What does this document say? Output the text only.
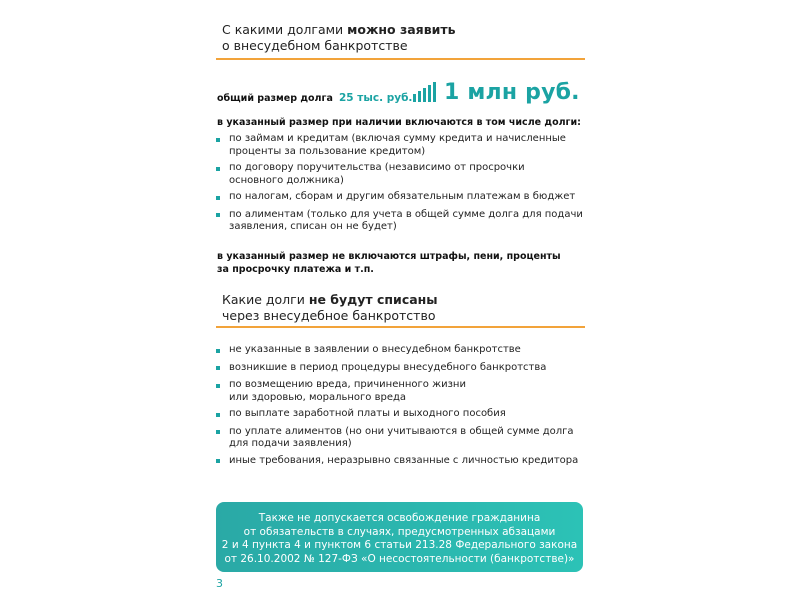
С какими долгами можно заявить
о внесудебном банкротстве
общий размер долга 25 тыс. руб. 1 млн руб.
в указанный размер при наличии включаются в том числе долги:
по займам и кредитам (включая сумму кредита и начисленные
проценты за пользование кредитом)
по договору поручительства (независимо от просрочки
основного должника)
по налогам, сборам и другим обязательным платежам в бюджет
по алиментам (только для учета в общей сумме долга для подачи
заявления, списан он не будет)
в указанный размер не включаются штрафы, пени, проценты
за просрочку платежа и т.п.
Какие долги не будут списаны
через внесудебное банкротство
не указанные в заявлении о внесудебном банкротстве
возникшие в период процедуры внесудебного банкротства
по возмещению вреда, причиненного жизни
или здоровью, морального вреда
по выплате заработной платы и выходного пособия
по уплате алиментов (но они учитываются в общей сумме долга
для подачи заявления)
иные требования, неразрывно связанные с личностью кредитора
Также не допускается освобождение гражданина
от обязательств в случаях, предусмотренных абзацами
2 и 4 пункта 4 и пунктом 6 статьи 213.28 Федерального закона
от 26.10.2002 № 127-ФЗ «О несостоятельности (банкротстве)»
3
